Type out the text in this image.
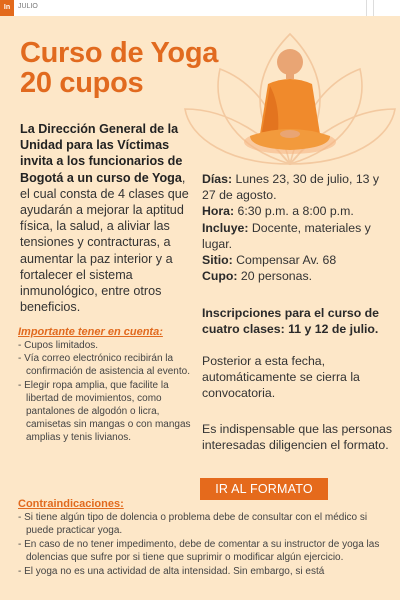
In	JULIO
Curso de Yoga
20 cupos
La Dirección General de la Unidad para las Víctimas invita a los funcionarios de Bogotá a un curso de Yoga, el cual consta de 4 clases que ayudarán a mejorar la aptitud física, la salud, a aliviar las tensiones y contracturas, a aumentar la paz interior y a fortalecer el sistema inmunológico, entre otros beneficios.

Días: Lunes 23, 30 de julio, 13 y 27 de agosto.

Hora: 6:30 p.m. a 8:00 p.m.

Incluye: Docente, materiales y lugar.

Sitio: Compensar Av. 68

Cupo: 20 personas.

Inscripciones para el curso de cuatro clases: 11 y 12 de julio.
Posterior a esta fecha, automáticamente se cierra la convocatoria.
Es indispensable que las personas interesadas diligencien el formato.
IR AL FORMATO
Importante tener en cuenta:
- Cupos limitados.
- Vía correo electrónico recibirán la confirmación de asistencia al evento.
- Elegir ropa amplia, que facilite la libertad de movimientos, como pantalones de algodón o licra, camisetas sin mangas o con mangas amplias y tenis livianos.
Contraindicaciones:
- Si tiene algún tipo de dolencia o problema debe de consultar con el médico si puede practicar yoga.
- En caso de no tener impedimento, debe de comentar a su instructor de yoga las dolencias que sufre por si tiene que suprimir o modificar algún ejercicio.
- El yoga no es una actividad de alta intensidad. Sin embargo, si está
